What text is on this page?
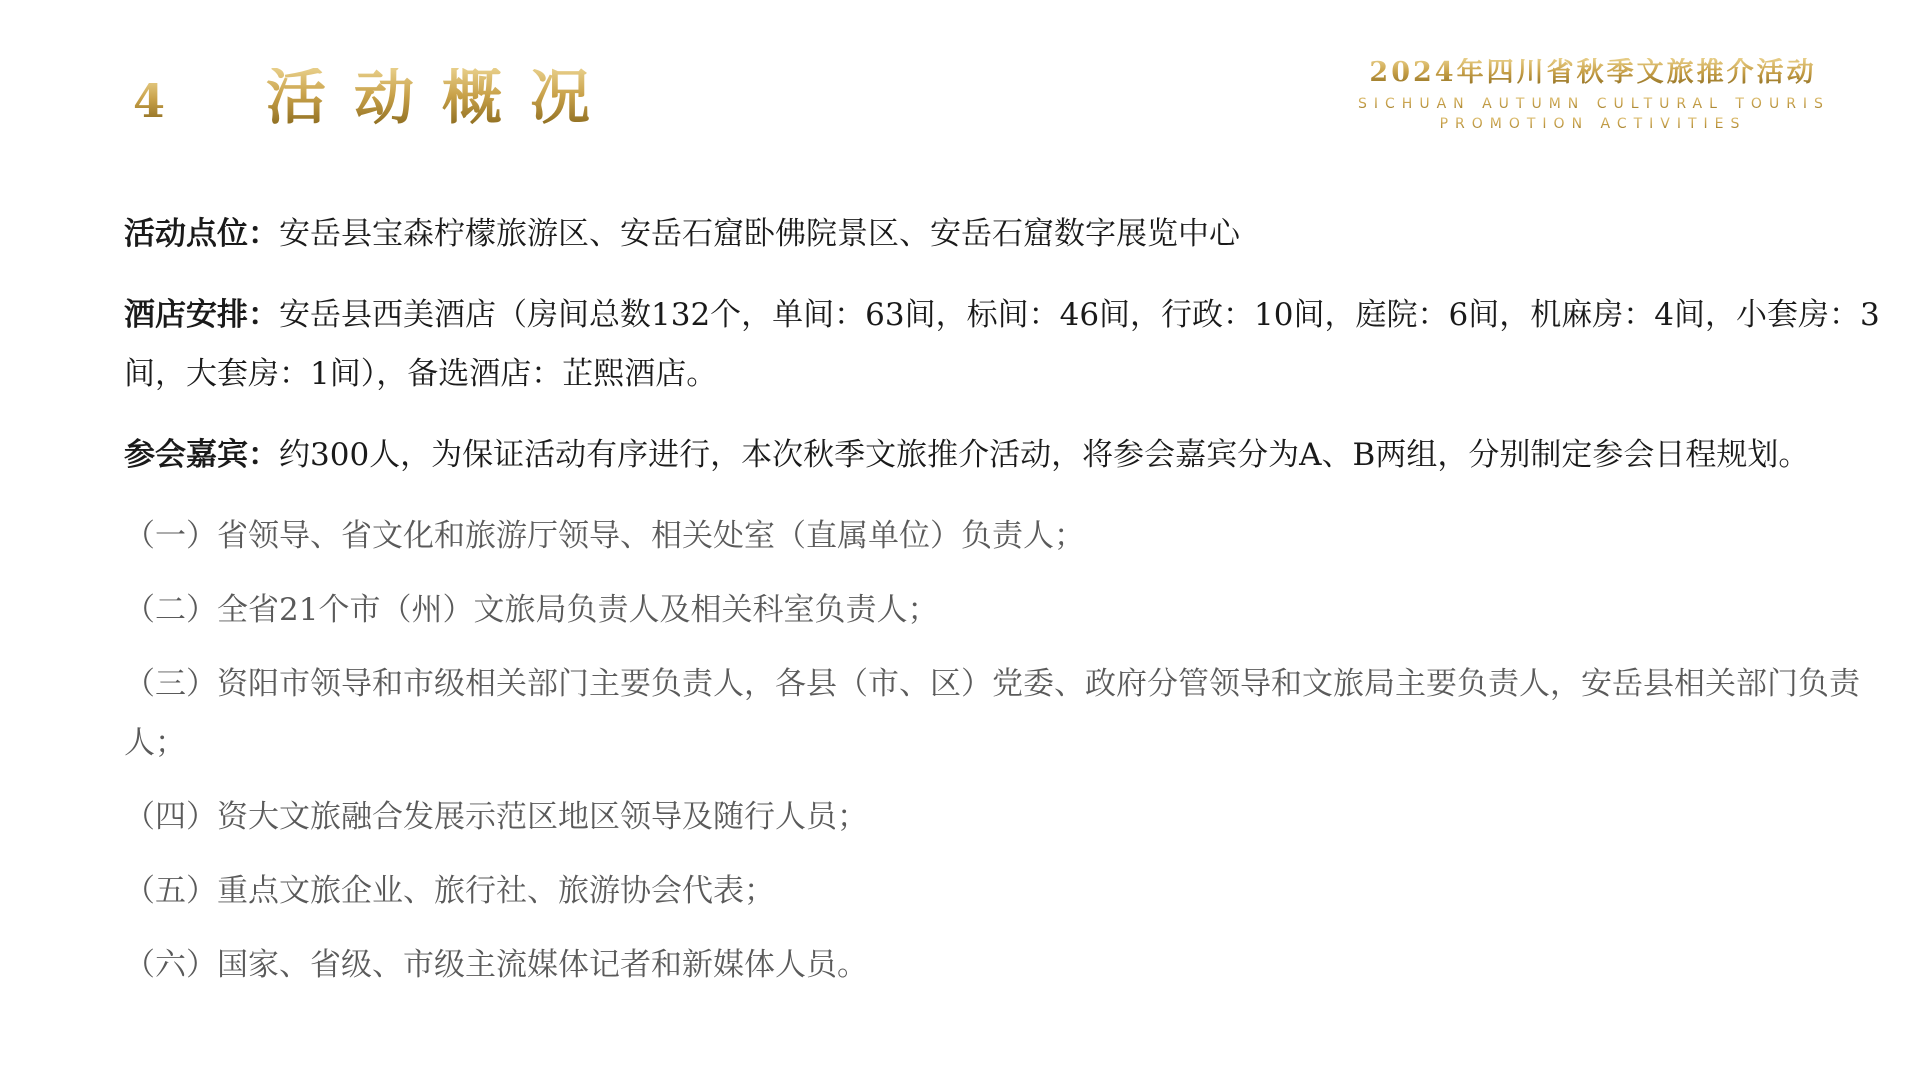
4 活动概况	2024年四川省秋季文旅推介活动
SICHUAN AUTUMN CULTURAL TOURISM
PROMOTION ACTIVITIES

活动点位：安岳县宝森柠檬旅游区、安岳石窟卧佛院景区、安岳石窟数字展览中心

酒店安排：安岳县西美酒店（房间总数132个，单间：63间，标间：46间，行政：10间，庭院：6间，机麻房：4间，小套房：3间，大套房：1间），备选酒店：芷熙酒店。

参会嘉宾：约300人，为保证活动有序进行，本次秋季文旅推介活动，将参会嘉宾分为A、B两组，分别制定参会日程规划。

（一）省领导、省文化和旅游厅领导、相关处室（直属单位）负责人；

（二）全省21个市（州）文旅局负责人及相关科室负责人；

（三）资阳市领导和市级相关部门主要负责人，各县（市、区）党委、政府分管领导和文旅局主要负责人，安岳县相关部门负责人；

（四）资大文旅融合发展示范区地区领导及随行人员；

（五）重点文旅企业、旅行社、旅游协会代表；

（六）国家、省级、市级主流媒体记者和新媒体人员。
